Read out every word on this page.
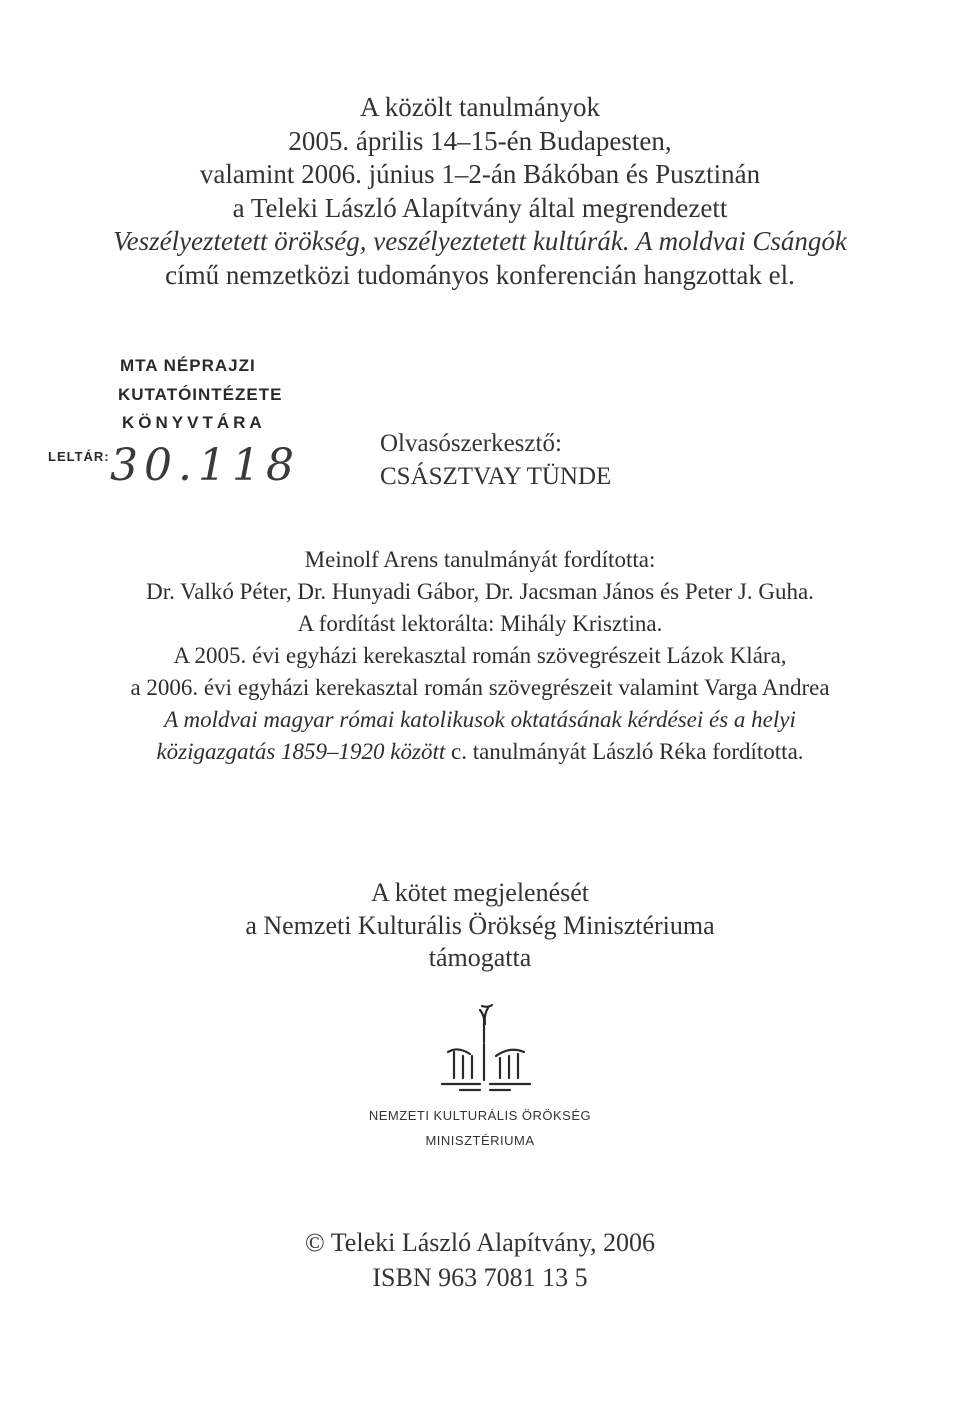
A közölt tanulmányok
2005. április 14–15-én Budapesten,
valamint 2006. június 1–2-án Bákóban és Pusztinán
a Teleki László Alapítvány által megrendezett
Veszélyeztetett örökség, veszélyeztetett kultúrák. A moldvai Csángók
című nemzetközi tudományos konferencián hangzottak el.
MTA NÉPRAJZI
KUTATÓINTÉZETE
KÖNYVTÁRA
LELTÁR: 30.118	Olvasószerkesztő:
CSÁSZTVAY TÜNDE
Meinolf Arens tanulmányát fordította:
Dr. Valkó Péter, Dr. Hunyadi Gábor, Dr. Jacsman János és Peter J. Guha.
A fordítást lektorálta: Mihály Krisztina.
A 2005. évi egyházi kerekasztal román szövegrészeit Lázok Klára,
a 2006. évi egyházi kerekasztal román szövegrészeit valamint Varga Andrea
A moldvai magyar római katolikusok oktatásának kérdései és a helyi
közigazgatás 1859–1920 között c. tanulmányát László Réka fordította.
A kötet megjelenését
a Nemzeti Kulturális Örökség Minisztériuma
támogatta
NEMZETI KULTURÁLIS ÖRÖKSÉG
MINISZTÉRIUMA
© Teleki László Alapítvány, 2006
ISBN 963 7081 13 5
